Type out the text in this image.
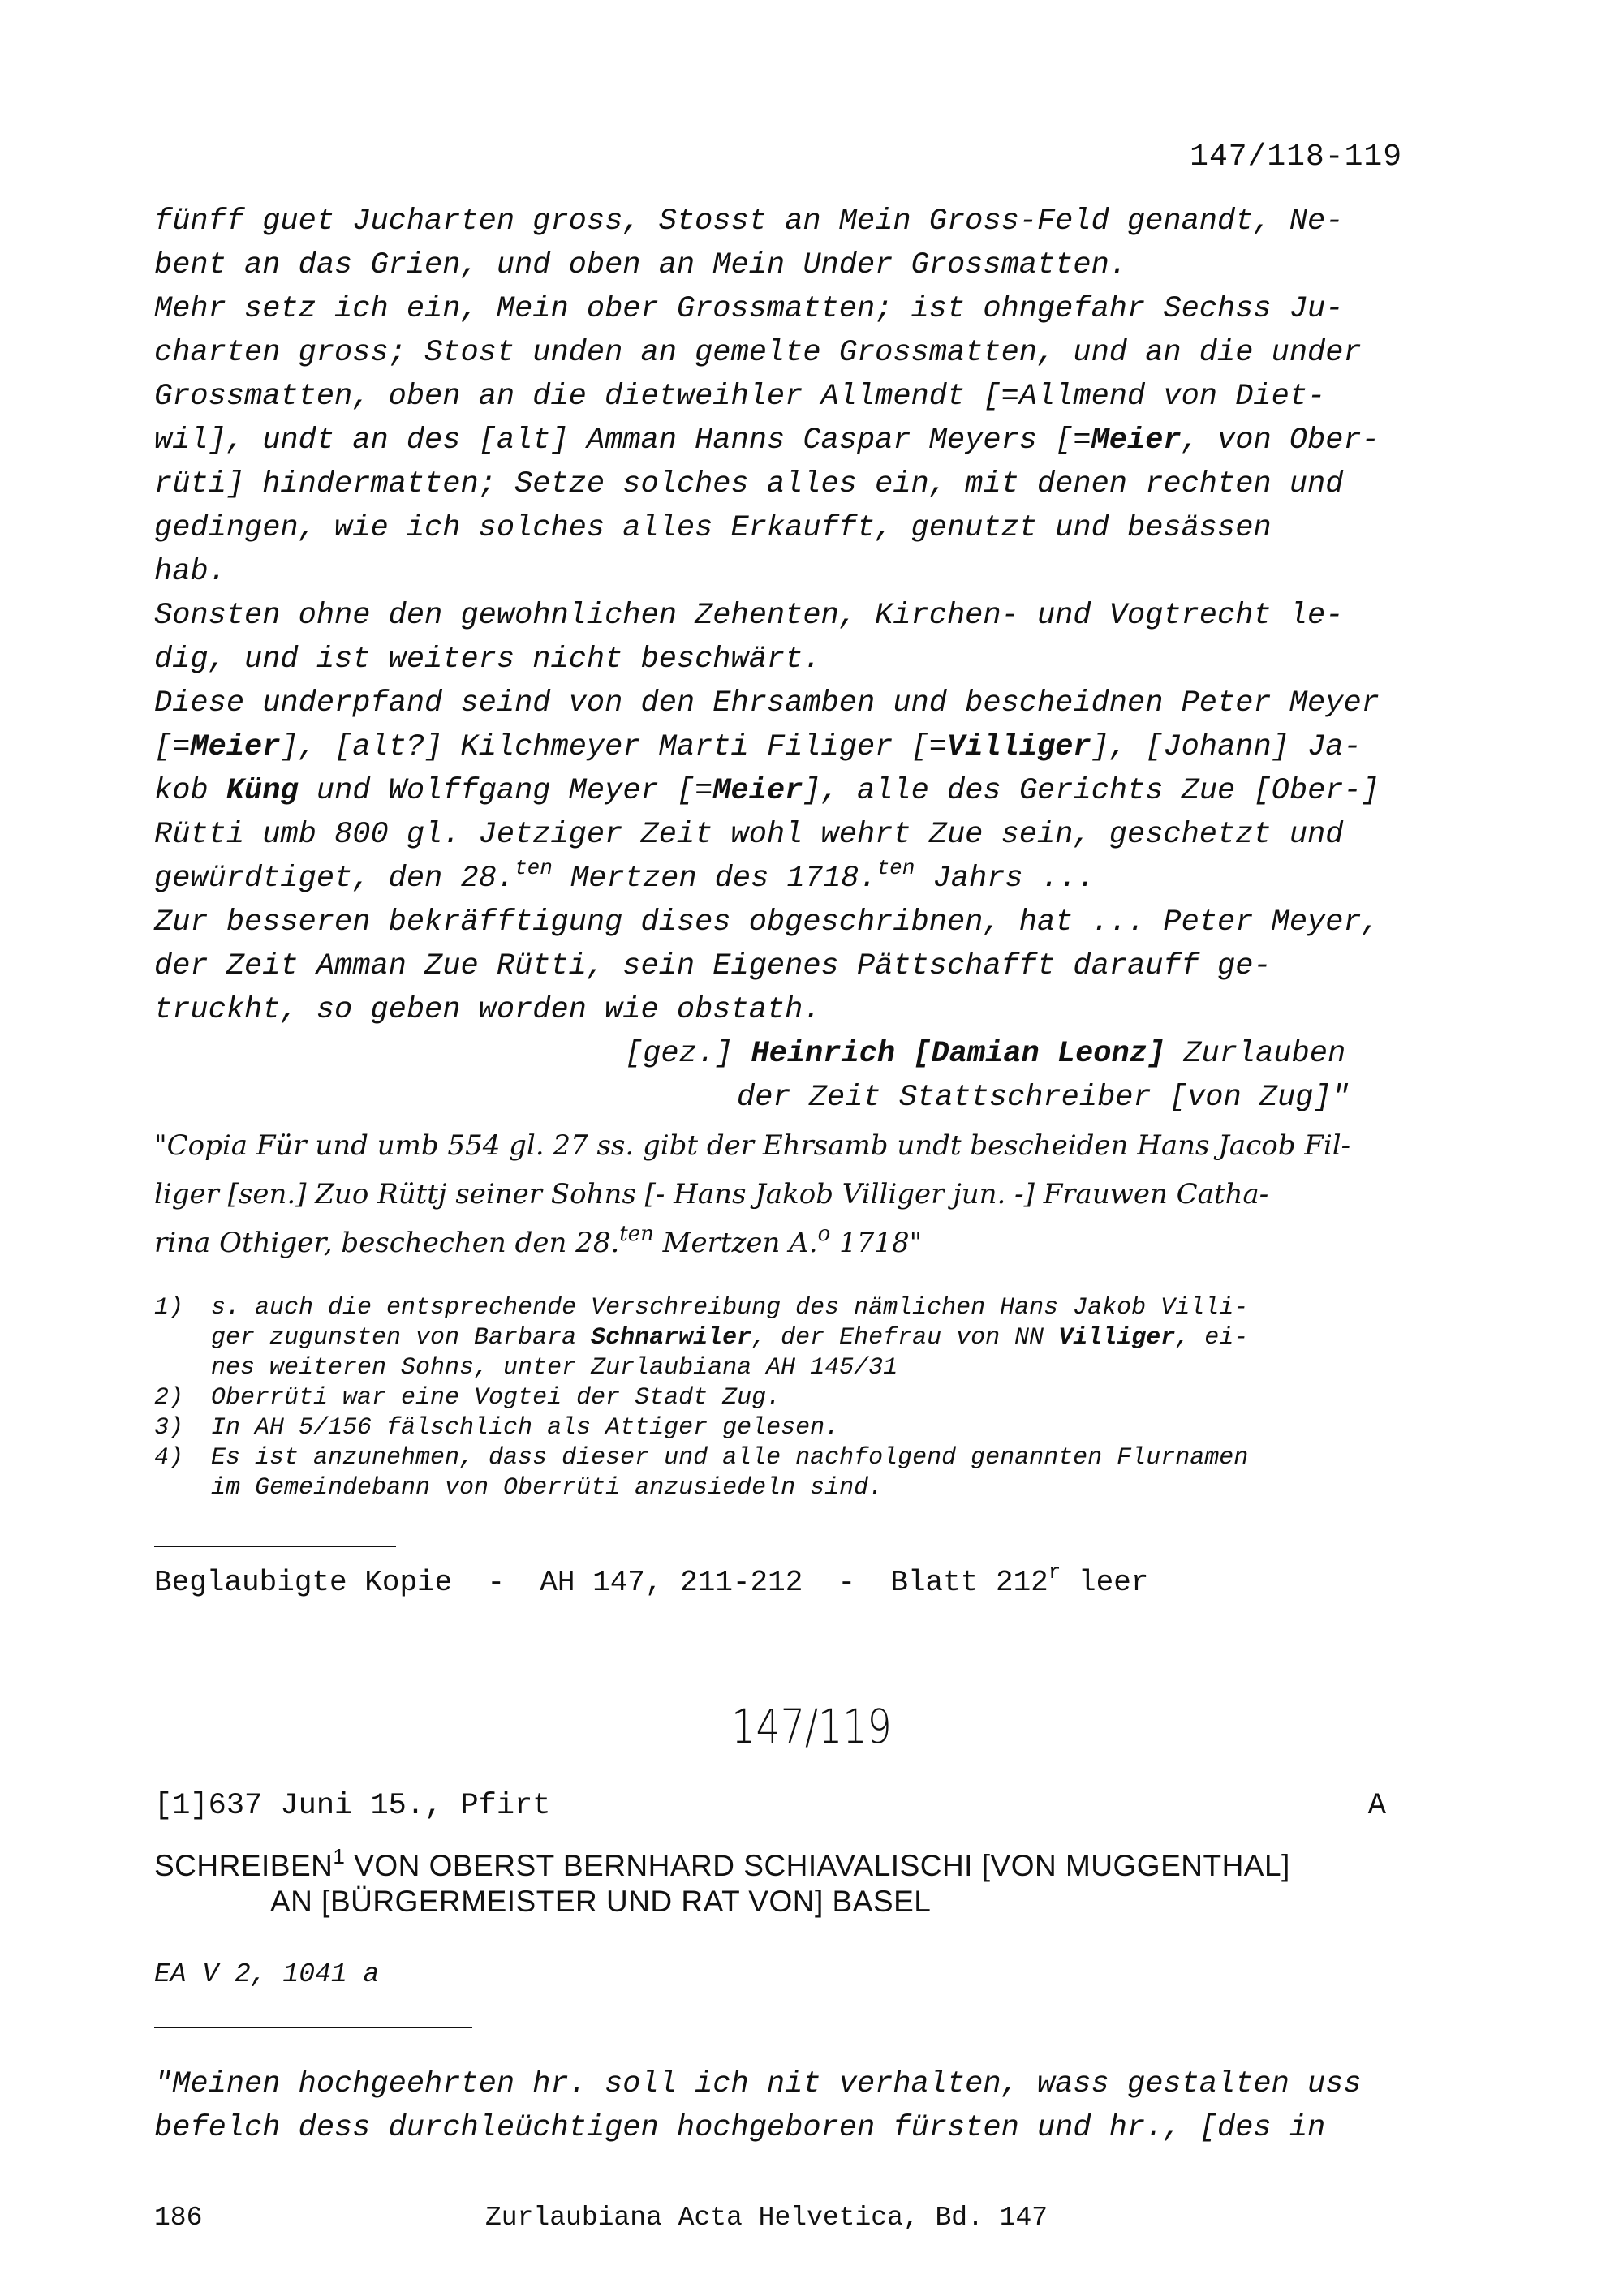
147/118-119

fünff guet Jucharten gross, Stosst an Mein Gross-Feld genandt, Ne-

bent an das Grien, und oben an Mein Under Grossmatten.

Mehr setz ich ein, Mein ober Grossmatten; ist ohngefahr Sechss Ju-

charten gross; Stost unden an gemelte Grossmatten, und an die under

Grossmatten, oben an die dietweihler Allmendt [=Allmend von Diet-

wil], undt an des [alt] Amman Hanns Caspar Meyers [=Meier, von Ober-

rüti] hindermatten; Setze solches alles ein, mit denen rechten und

gedingen, wie ich solches alles Erkaufft, genutzt und besässen

hab.

Sonsten ohne den gewohnlichen Zehenten, Kirchen- und Vogtrecht le-

dig, und ist weiters nicht beschwärt.

Diese underpfand seind von den Ehrsamben und bescheidnen Peter Meyer

[=Meier], [alt?] Kilchmeyer Marti Filiger [=Villiger], [Johann] Ja-

kob Küng und Wolffgang Meyer [=Meier], alle des Gerichts Zue [Ober-]

Rütti umb 800 gl. Jetziger Zeit wohl wehrt Zue sein, geschetzt und

gewürdtiget, den 28.$^{ten}$ Mertzen des 1718.$^{ten}$ Jahrs ...

Zur besseren bekräfftigung dises obgeschribnen, hat ... Peter Meyer,

der Zeit Amman Zue Rütti, sein Eigenes Pättschafft darauff ge-

truckht, so geben worden wie obstath.

[gez.] Heinrich [Damian Leonz] Zurlauben
der Zeit Stattschreiber [von Zug]"

"Copia Für und umb 554 gl. 27 ss. gibt der Ehrsamb undt bescheiden Hans Jacob Fil-

liger [sen.] Zuo Rüttj seiner Sohns [- Hans Jakob Villiger jun. -] Frauwen Catha-

rina Othiger, beschechen den 28.$^{ten}$ Mertzen A.$^o$ 1718"

1)	s. auch die entsprechende Verschreibung des nämlichen Hans Jakob Villi-
ger zugunsten von Barbara Schnarwiler, der Ehefrau von NN Villiger, ei-
nes weiteren Sohns, unter Zurlaubiana AH 145/31
2)	Oberrüti war eine Vogtei der Stadt Zug.
3)	In AH 5/156 fälschlich als Attiger gelesen.
4)	Es ist anzunehmen, dass dieser und alle nachfolgend genannten Flurnamen
im Gemeindebann von Oberrüti anzusiedeln sind.
Beglaubigte Kopie  -  AH 147, 211-212  -  Blatt 212$^r$ leer
147/119
[1]637 Juni 15., Pfirt	A
SCHREIBEN$^1$ VON OBERST BERNHARD SCHIAVALISCHI [VON MUGGENTHAL]
AN [BÜRGERMEISTER UND RAT VON] BASEL
EA V 2, 1041 a

"Meinen hochgeehrten hr. soll ich nit verhalten, wass gestalten uss

befelch dess durchleüchtigen hochgeboren fürsten und hr., [des in

186	Zurlaubiana Acta Helvetica, Bd. 147
